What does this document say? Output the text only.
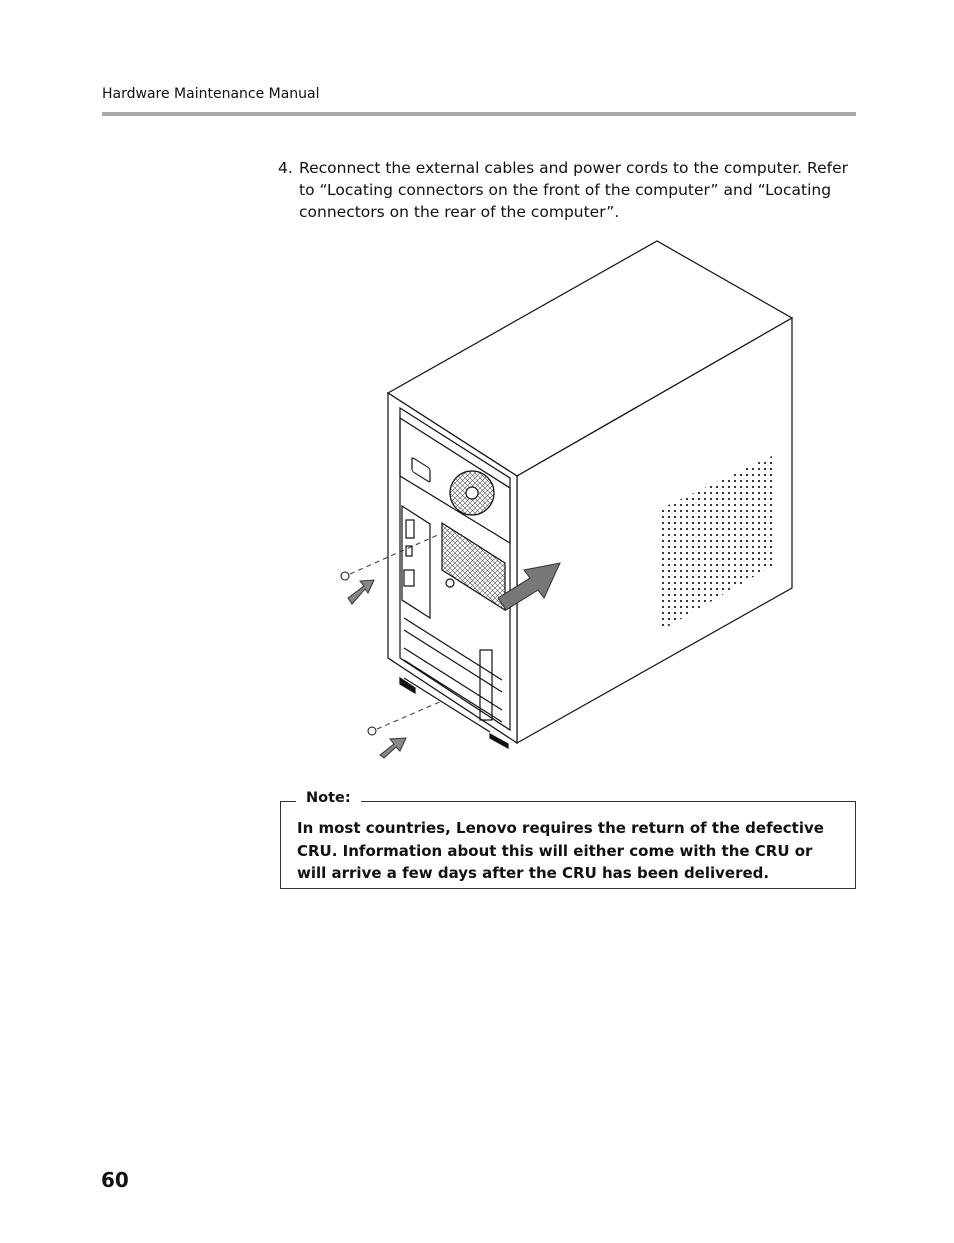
Hardware Maintenance Manual
4. Reconnect the external cables and power cords to the computer. Refer to “Locating connectors on the front of the computer” and “Locating connectors on the rear of the computer”.
Note:
In most countries, Lenovo requires the return of the defective CRU. Information about this will either come with the CRU or will arrive a few days after the CRU has been delivered.
60
